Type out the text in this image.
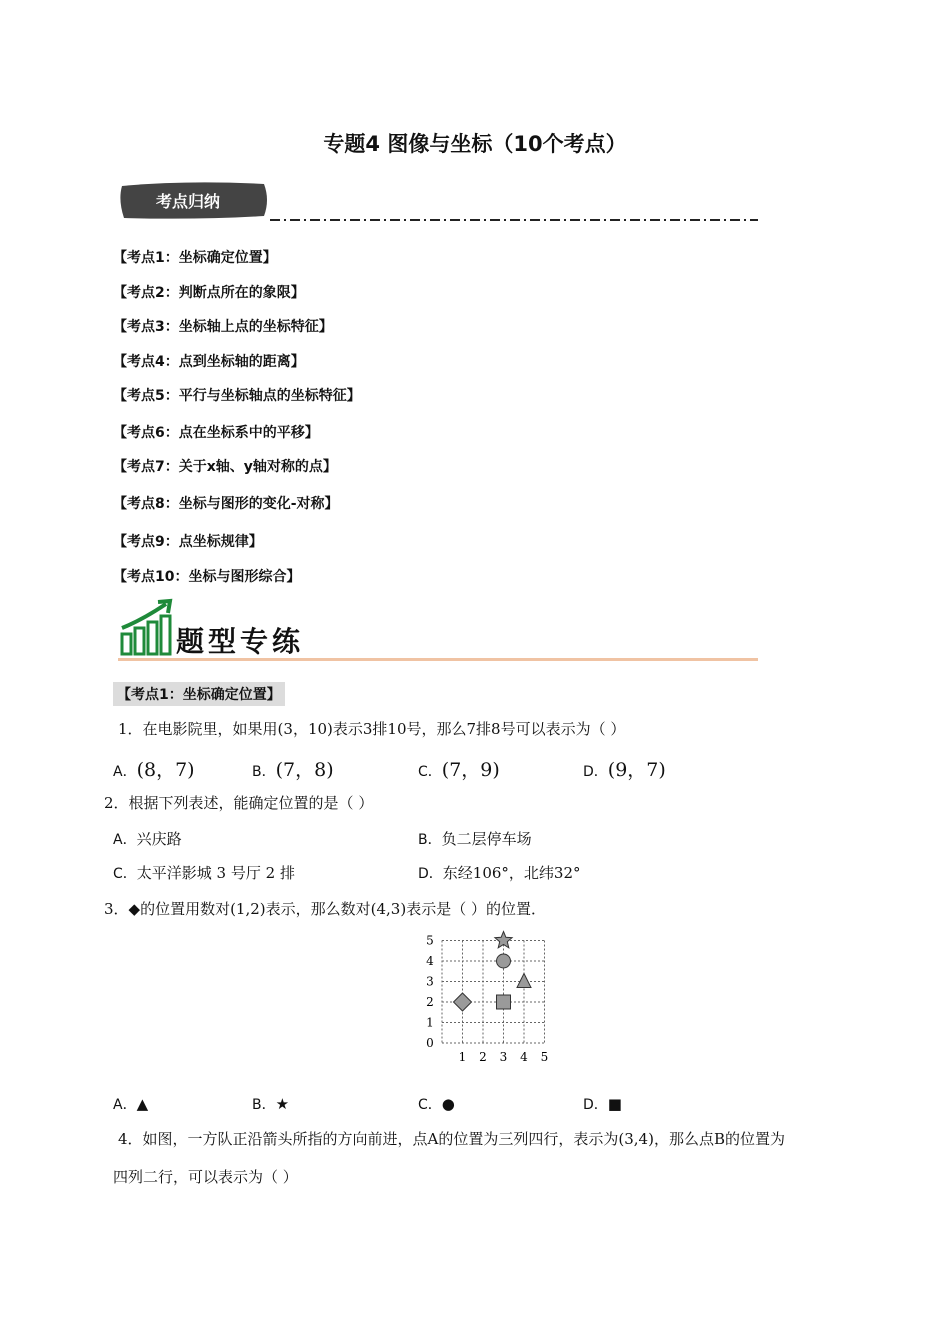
专题4 图像与坐标（10个考点）
考点归纳
【考点1：坐标确定位置】
【考点2：判断点所在的象限】
【考点3：坐标轴上点的坐标特征】
【考点4：点到坐标轴的距离】
【考点5：平行与坐标轴点的坐标特征】
【考点6：点在坐标系中的平移】
【考点7：关于x轴、y轴对称的点】
【考点8：坐标与图形的变化-对称】
【考点9：点坐标规律】
【考点10：坐标与图形综合】
题型专练
【考点1：坐标确定位置】
1．在电影院里，如果用(3，10)表示3排10号，那么7排8号可以表示为（ ）
A．(8，7)	B．(7，8)	C．(7，9)	D．(9，7)
2．根据下列表述，能确定位置的是（ ）
A．兴庆路	B．负二层停车场
C．太平洋影城 3 号厅 2 排	D．东经106°，北纬32°
3．◆的位置用数对(1,2)表示，那么数对(4,3)表示是（ ）的位置．
1 2 3 4 5
0
1
2
3
4
5
A．▲	B．★	C．●	D．■
4．如图，一方队正沿箭头所指的方向前进，点A的位置为三列四行，表示为(3,4)，那么点B的位置为
四列二行，可以表示为（ ）
